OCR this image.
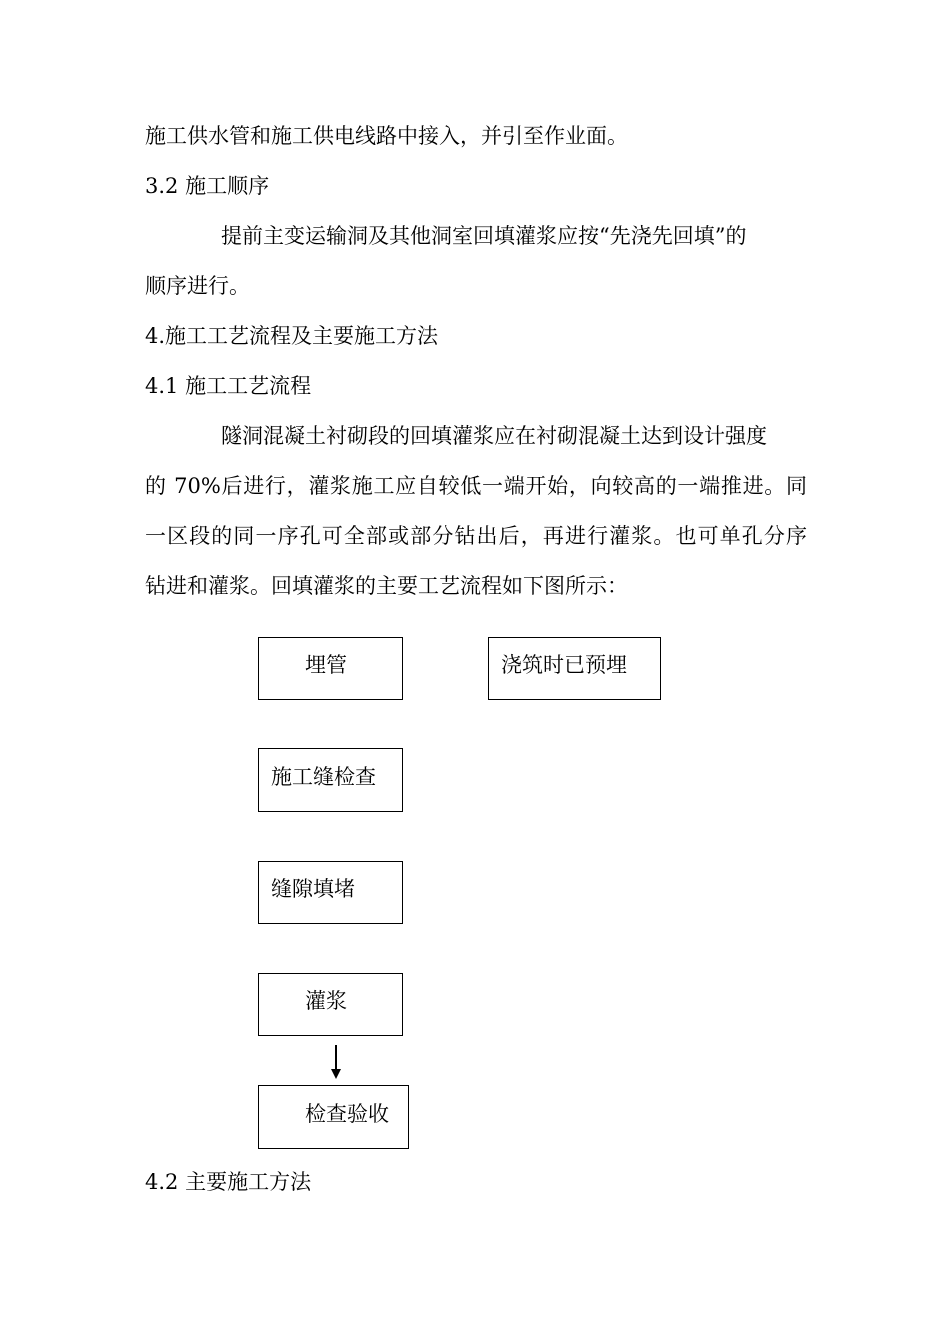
施工供水管和施工供电线路中接入，并引至作业面。

3.2 施工顺序

提前主变运输洞及其他洞室回填灌浆应按“先浇先回填”的

顺序进行。

4.施工工艺流程及主要施工方法

4.1 施工工艺流程

隧洞混凝土衬砌段的回填灌浆应在衬砌混凝土达到设计强度

的 70%后进行，灌浆施工应自较低一端开始，向较高的一端推进。同

一区段的同一序孔可全部或部分钻出后，再进行灌浆。也可单孔分序

钻进和灌浆。回填灌浆的主要工艺流程如下图所示：

埋管	浇筑时已预埋
施工缝检查
缝隙填堵
灌浆
检查验收

4.2 主要施工方法
